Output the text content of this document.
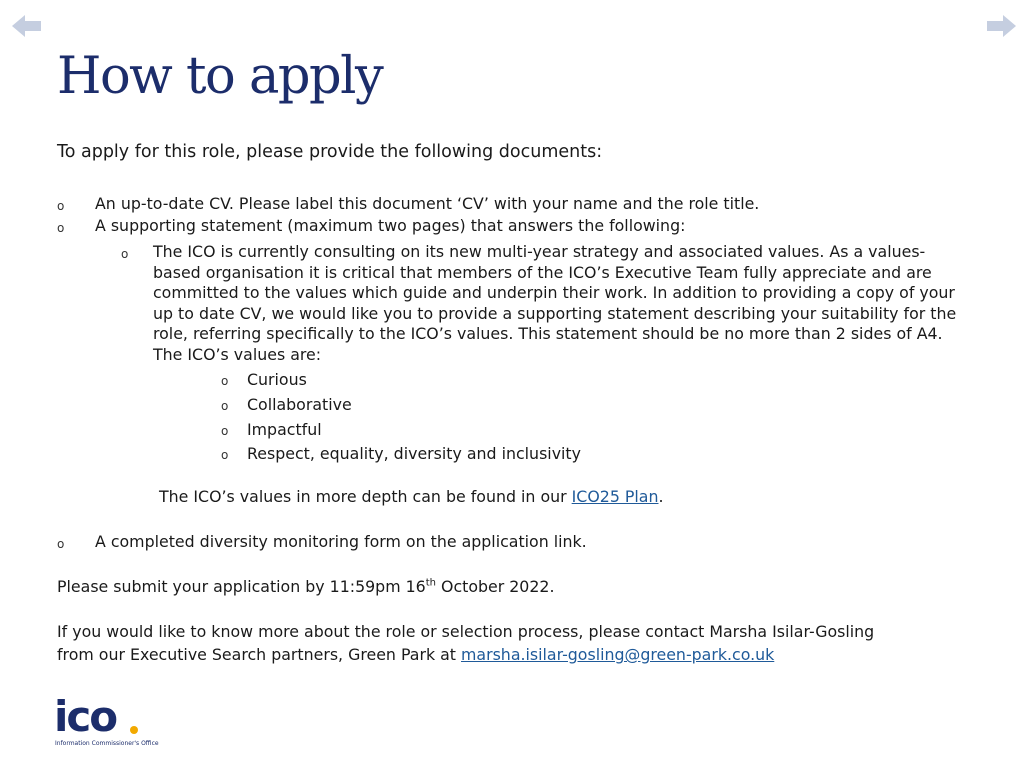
How to apply
To apply for this role, please provide the following documents:
o An up-to-date CV. Please label this document ‘CV’ with your name and the role title.
o A supporting statement (maximum two pages) that answers the following:
o The ICO is currently consulting on its new multi-year strategy and associated values. As a values-based organisation it is critical that members of the ICO’s Executive Team fully appreciate and are committed to the values which guide and underpin their work. In addition to providing a copy of your up to date CV, we would like you to provide a supporting statement describing your suitability for the role, referring specifically to the ICO’s values. This statement should be no more than 2 sides of A4. The ICO’s values are:
o Curious
o Collaborative
o Impactful
o Respect, equality, diversity and inclusivity
The ICO’s values in more depth can be found in our ICO25 Plan.
o A completed diversity monitoring form on the application link.
Please submit your application by 11:59pm 16th October 2022.
If you would like to know more about the role or selection process, please contact Marsha Isilar-Gosling
from our Executive Search partners, Green Park at marsha.isilar-gosling@green-park.co.uk
ico
Information Commissioner's Office
